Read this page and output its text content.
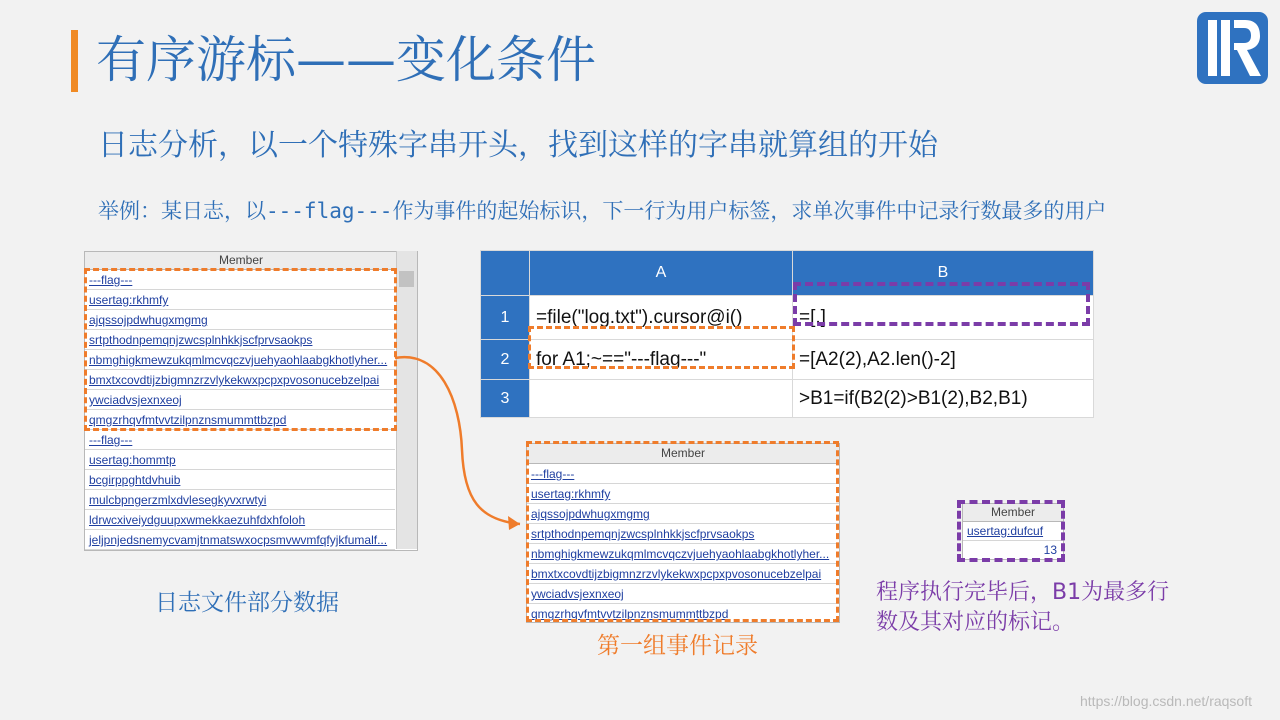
有序游标——变化条件
日志分析，以一个特殊字串开头，找到这样的字串就算组的开始
举例：某日志，以---flag---作为事件的起始标识，下一行为用户标签，求单次事件中记录行数最多的用户
Member
---flag---
usertag:rkhmfy
ajqssojpdwhugxmgmg
srtpthodnpemqnjzwcsplnhkkjscfprvsaokps
nbmghigkmewzukqmlmcvqczvjuehyaohlaabgkhotlyher...
bmxtxcovdtijzbigmnzrzvlykekwxpcpxpvosonucebzelpai
ywciadvsjexnxeoj
qmgzrhqvfmtvvtzilpnznsmummttbzpd
---flag---
usertag:hommtp
bcgirppghtdvhuib
mulcbpngerzmlxdvlesegkyvxrwtyi
ldrwcxiveiydguupxwmekkaezuhfdxhfoloh
jeljpnjedsnemycvamjtnmatswxocpsmvwvmfqfyjkfumalf...
	A	B
1	=file("log.txt").cursor@i()	=[,]
2	for A1;~=="---flag---"	=[A2(2),A2.len()-2]
3		>B1=if(B2(2)>B1(2),B2,B1)
Member
---flag---
usertag:rkhmfy
ajqssojpdwhugxmgmg
srtpthodnpemqnjzwcsplnhkkjscfprvsaokps
nbmghigkmewzukqmlmcvqczvjuehyaohlaabgkhotlyher...
bmxtxcovdtijzbigmnzrzvlykekwxpcpxpvosonucebzelpai
ywciadvsjexnxeoj
qmgzrhqvfmtvvtzilpnznsmummttbzpd
Member
usertag:dufcuf
13
日志文件部分数据
第一组事件记录
程序执行完毕后，B1为最多行数及其对应的标记。
https://blog.csdn.net/raqsoft
